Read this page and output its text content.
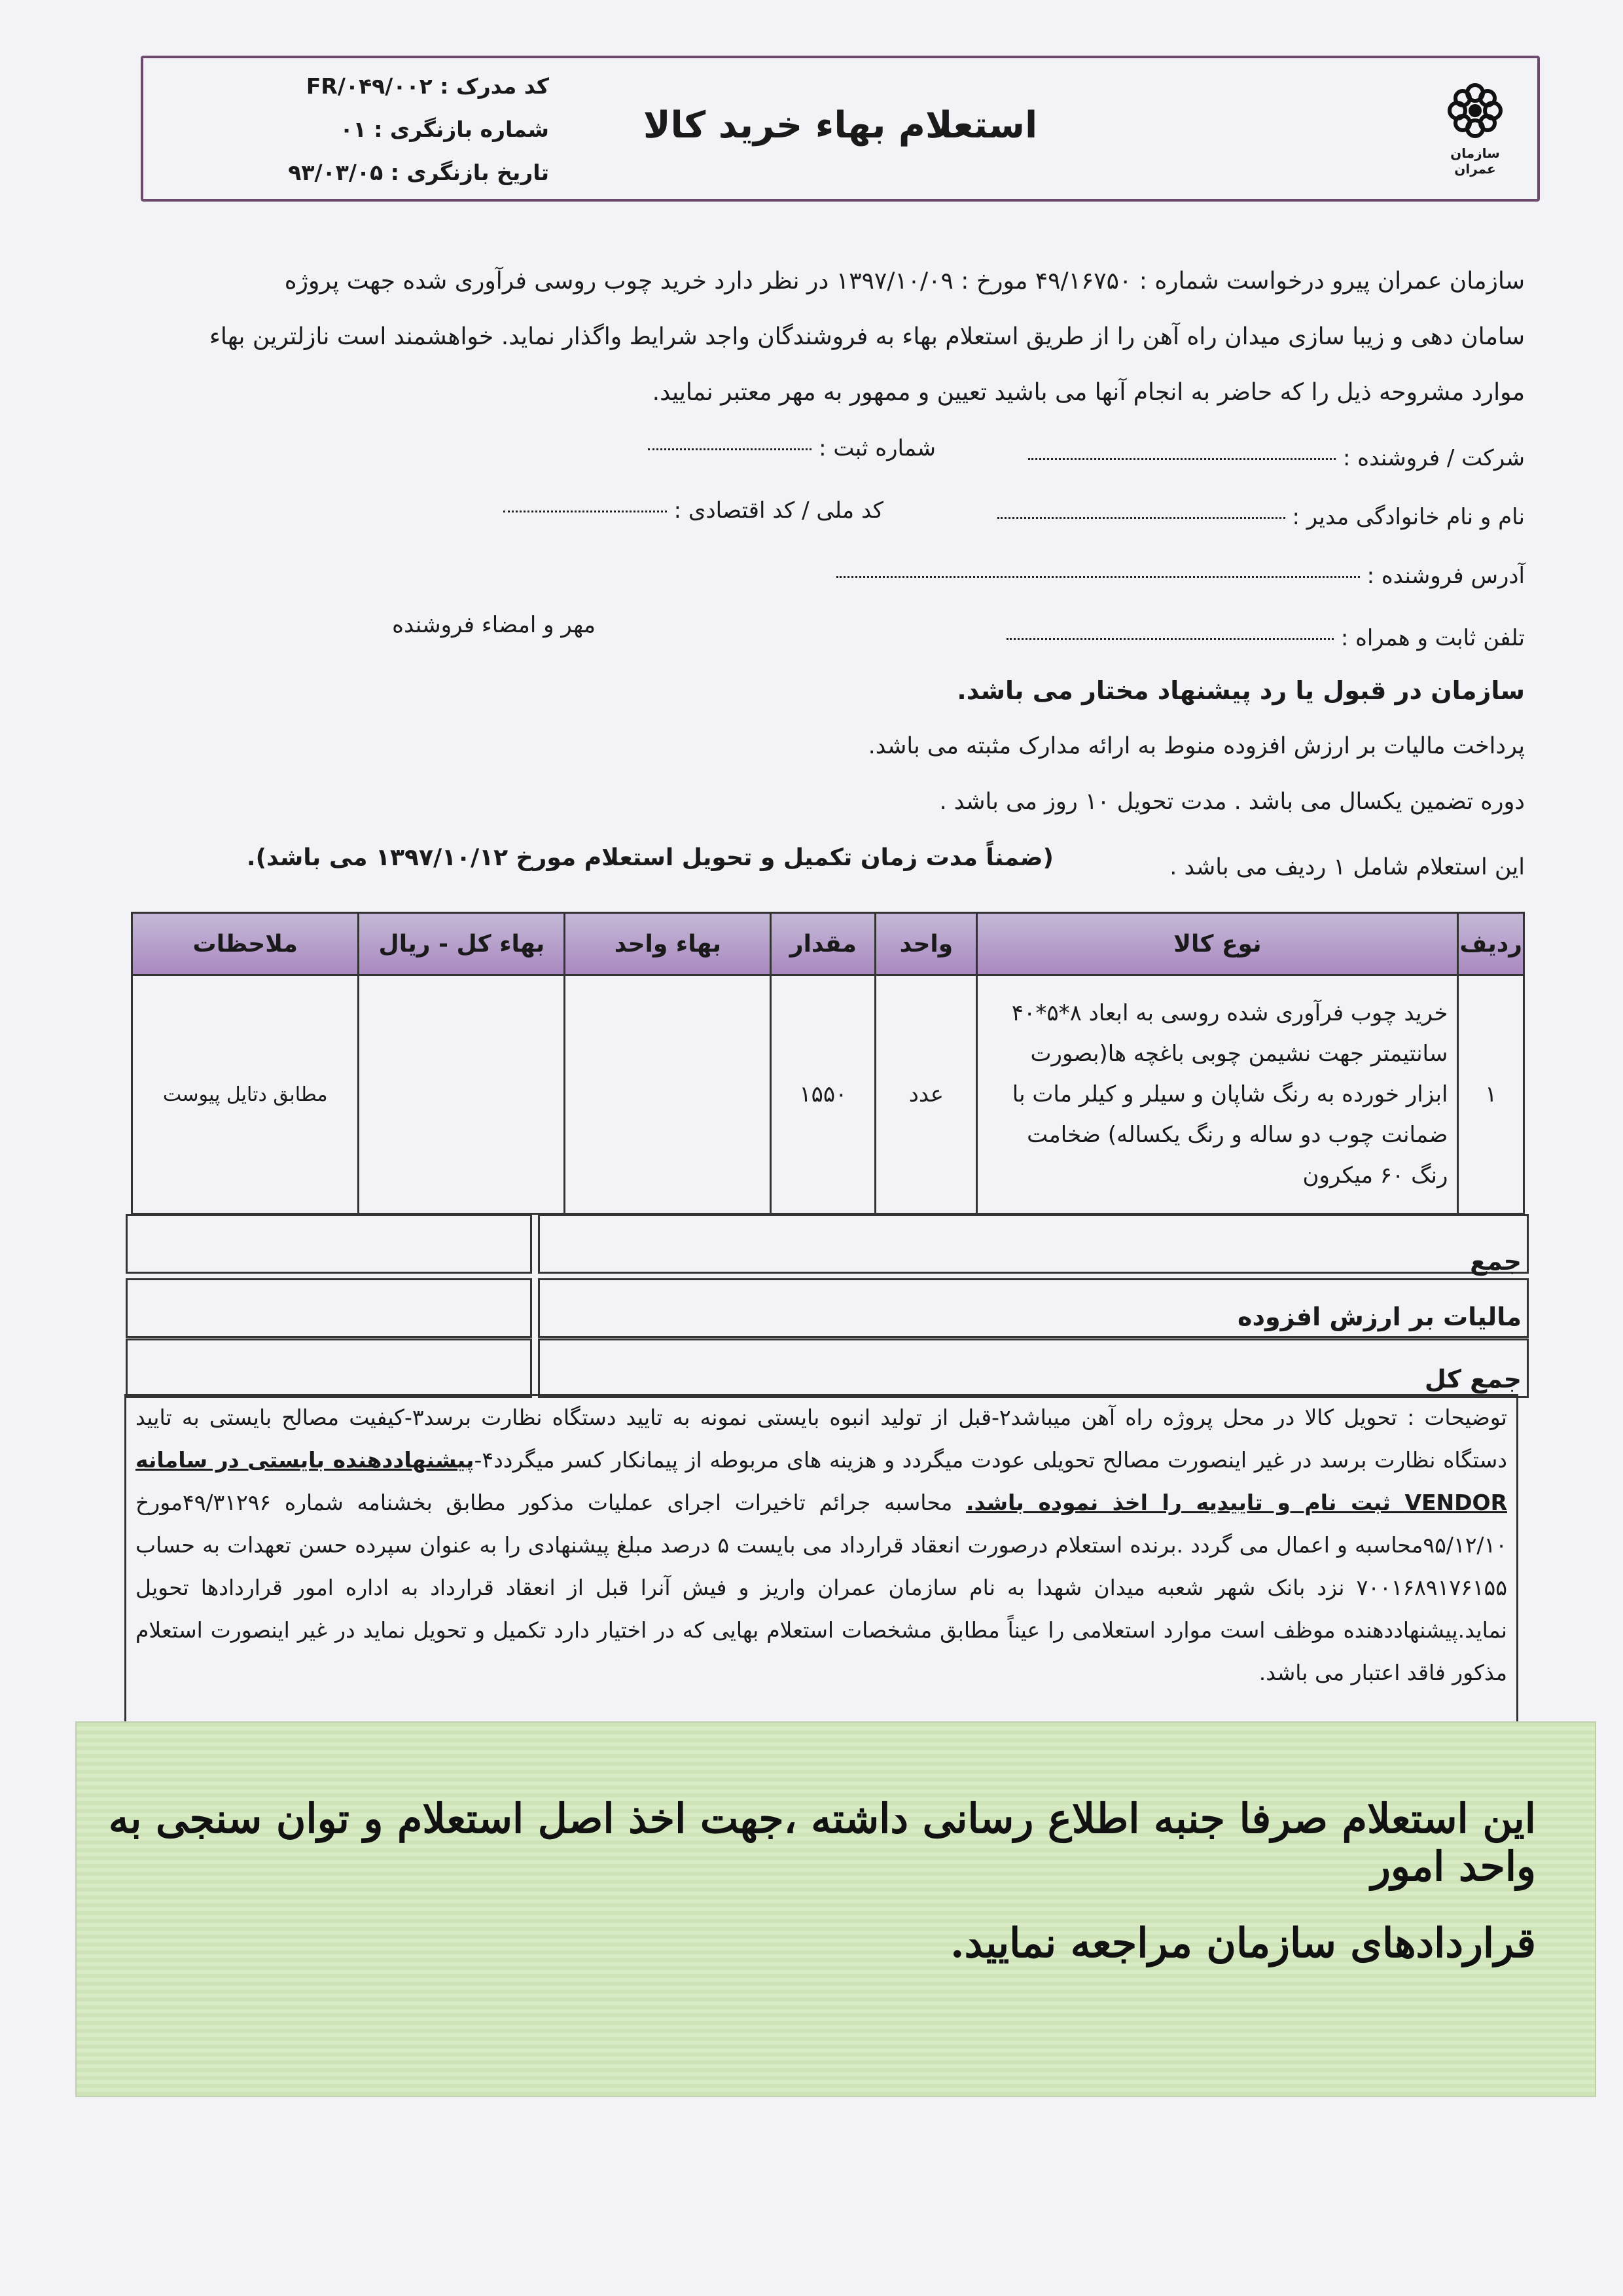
سازمان عمران
استعلام بهاء خرید کالا
کد مدرک : FR/۰۴۹/۰۰۲
شماره بازنگری : ۰۱
تاریخ بازنگری : ۹۳/۰۳/۰۵
سازمان عمران پیرو درخواست شماره : ۴۹/۱۶۷۵۰ مورخ : ۱۳۹۷/۱۰/۰۹ در نظر دارد خرید چوب روسی فرآوری شده جهت پروژه
سامان دهی و زیبا سازی میدان راه آهن را از طریق استعلام بهاء به فروشندگان واجد شرایط واگذار نماید. خواهشمند است نازلترین بهاء
موارد مشروحه ذیل را که حاضر به انجام آنها می باشید تعیین و ممهور به مهر معتبر نمایید.
شرکت / فروشنده :
شماره ثبت :
نام و نام خانوادگی مدیر :
کد ملی / کد اقتصادی :
آدرس فروشنده :
تلفن ثابت و همراه :
مهر و امضاء فروشنده
سازمان در قبول یا رد پیشنهاد مختار می باشد.
پرداخت مالیات بر ارزش افزوده منوط به ارائه مدارک مثبته می باشد.
دوره تضمین یکسال می باشد . مدت تحویل ۱۰ روز می باشد .
این استعلام شامل ۱ ردیف می باشد .
(ضمناً مدت زمان تکمیل و تحویل استعلام مورخ ۱۳۹۷/۱۰/۱۲ می باشد).
ردیف	نوع کالا	واحد	مقدار	بهاء واحد	بهاء کل - ریال	ملاحظات
۱	خرید چوب فرآوری شده روسی به ابعاد ۸*۵*۴۰ سانتیمتر جهت نشیمن چوبی باغچه ها(بصورت ابزار خورده به رنگ شاپان و سیلر و کیلر مات با ضمانت چوب دو ساله و رنگ یکساله) ضخامت رنگ ۶۰ میکرون	عدد	۱۵۵۰			مطابق دتایل پیوست
جمع
مالیات بر ارزش افزوده
جمع کل
توضیحات : تحویل کالا در محل پروژه راه آهن میباشد۲-قبل از تولید انبوه بایستی نمونه به تایید دستگاه نظارت برسد۳-کیفیت مصالح بایستی به تایید دستگاه نظارت برسد در غیر اینصورت مصالح تحویلی عودت میگردد و هزینه های مربوطه از پیمانکار کسر میگردد۴-پیشنهاددهنده بایستی در سامانه VENDOR ثبت نام و تاییدیه را اخذ نموده باشد. محاسبه جرائم تاخیرات اجرای عملیات مذکور مطابق بخشنامه شماره ۴۹/۳۱۲۹۶مورخ ۹۵/۱۲/۱۰محاسبه و اعمال می گردد .برنده استعلام درصورت انعقاد قرارداد می بایست ۵ درصد مبلغ پیشنهادی را به عنوان سپرده حسن تعهدات به حساب ۷۰۰۱۶۸۹۱۷۶۱۵۵ نزد بانک شهر شعبه میدان شهدا به نام سازمان عمران واریز و فیش آنرا قبل از انعقاد قرارداد به اداره امور قراردادها تحویل نماید.پیشنهاددهنده موظف است موارد استعلامی را عیناً مطابق مشخصات استعلام بهایی که در اختیار دارد تکمیل و تحویل نماید در غیر اینصورت استعلام مذکور فاقد اعتبار می باشد.
این استعلام صرفا جنبه اطلاع رسانی داشته ،جهت اخذ اصل استعلام و توان سنجی به واحد امور
قراردادهای سازمان مراجعه نمایید.
